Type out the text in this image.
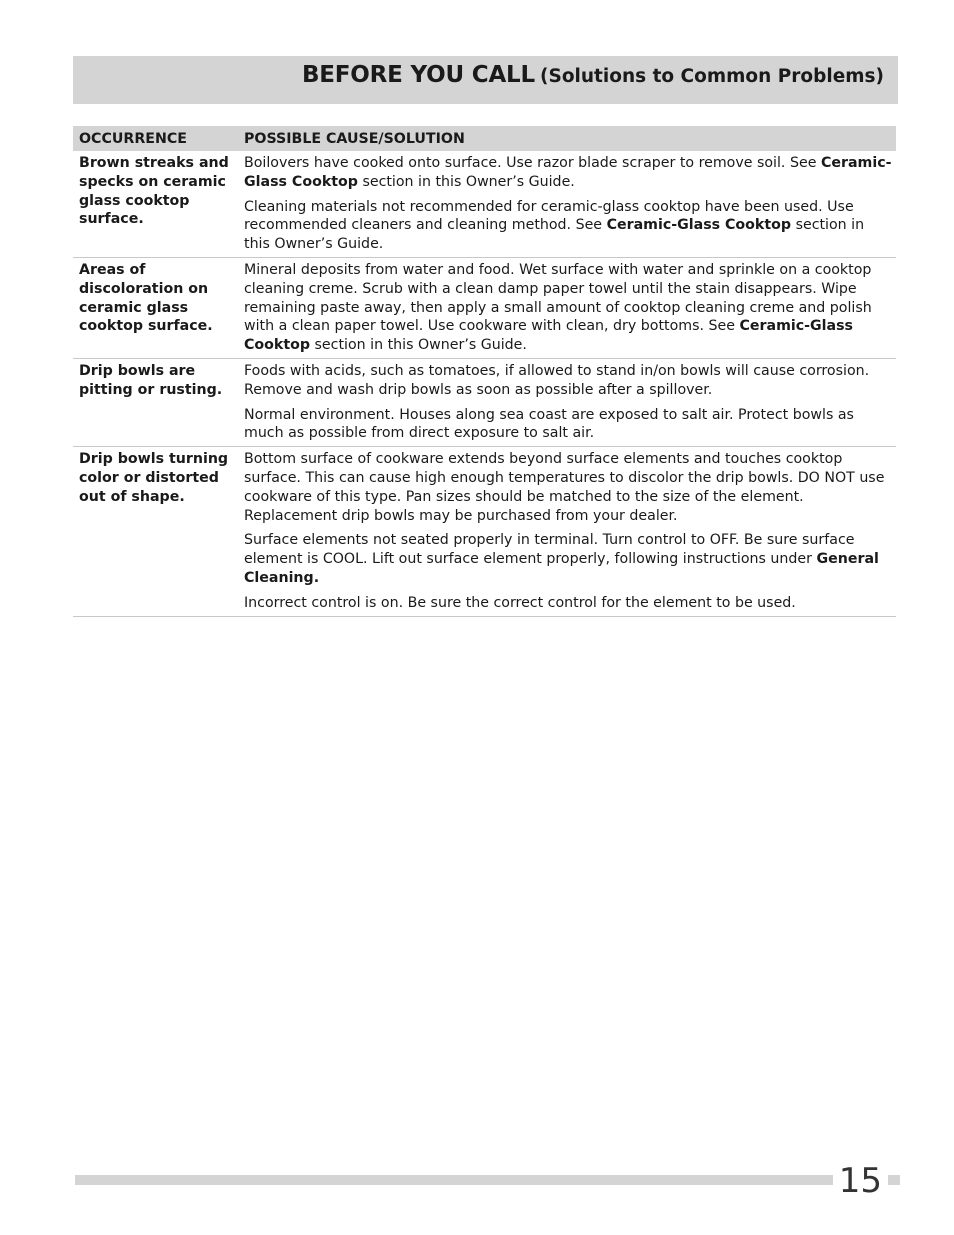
BEFORE YOU CALL (Solutions to Common Problems)
OCCURRENCE	POSSIBLE CAUSE/SOLUTION
Brown streaks and specks on ceramic glass cooktop surface.

Boilovers have cooked onto surface. Use razor blade scraper to remove soil. See Ceramic-Glass Cooktop section in this Owner’s Guide.

Cleaning materials not recommended for ceramic-glass cooktop have been used. Use recommended cleaners and cleaning method. See Ceramic-Glass Cooktop section in this Owner’s Guide.

Areas of discoloration on ceramic glass cooktop surface.

Mineral deposits from water and food. Wet surface with water and sprinkle on a cooktop cleaning creme. Scrub with a clean damp paper towel until the stain disappears. Wipe remaining paste away, then apply a small amount of cooktop cleaning creme and polish with a clean paper towel. Use cookware with clean, dry bottoms. See Ceramic-Glass Cooktop section in this Owner’s Guide.

Drip bowls are pitting or rusting.

Foods with acids, such as tomatoes, if allowed to stand in/on bowls will cause corrosion. Remove and wash drip bowls as soon as possible after a spillover.

Normal environment. Houses along sea coast are exposed to salt air. Protect bowls as much as possible from direct exposure to salt air.

Drip bowls turning color or distorted out of shape.

Bottom surface of cookware extends beyond surface elements and touches cooktop surface. This can cause high enough temperatures to discolor the drip bowls. DO NOT use cookware of this type. Pan sizes should be matched to the size of the element. Replacement drip bowls may be purchased from your dealer.

Surface elements not seated properly in terminal. Turn control to OFF. Be sure surface element is COOL. Lift out surface element properly, following instructions under General Cleaning.

Incorrect control is on. Be sure the correct control for the element to be used.

15
